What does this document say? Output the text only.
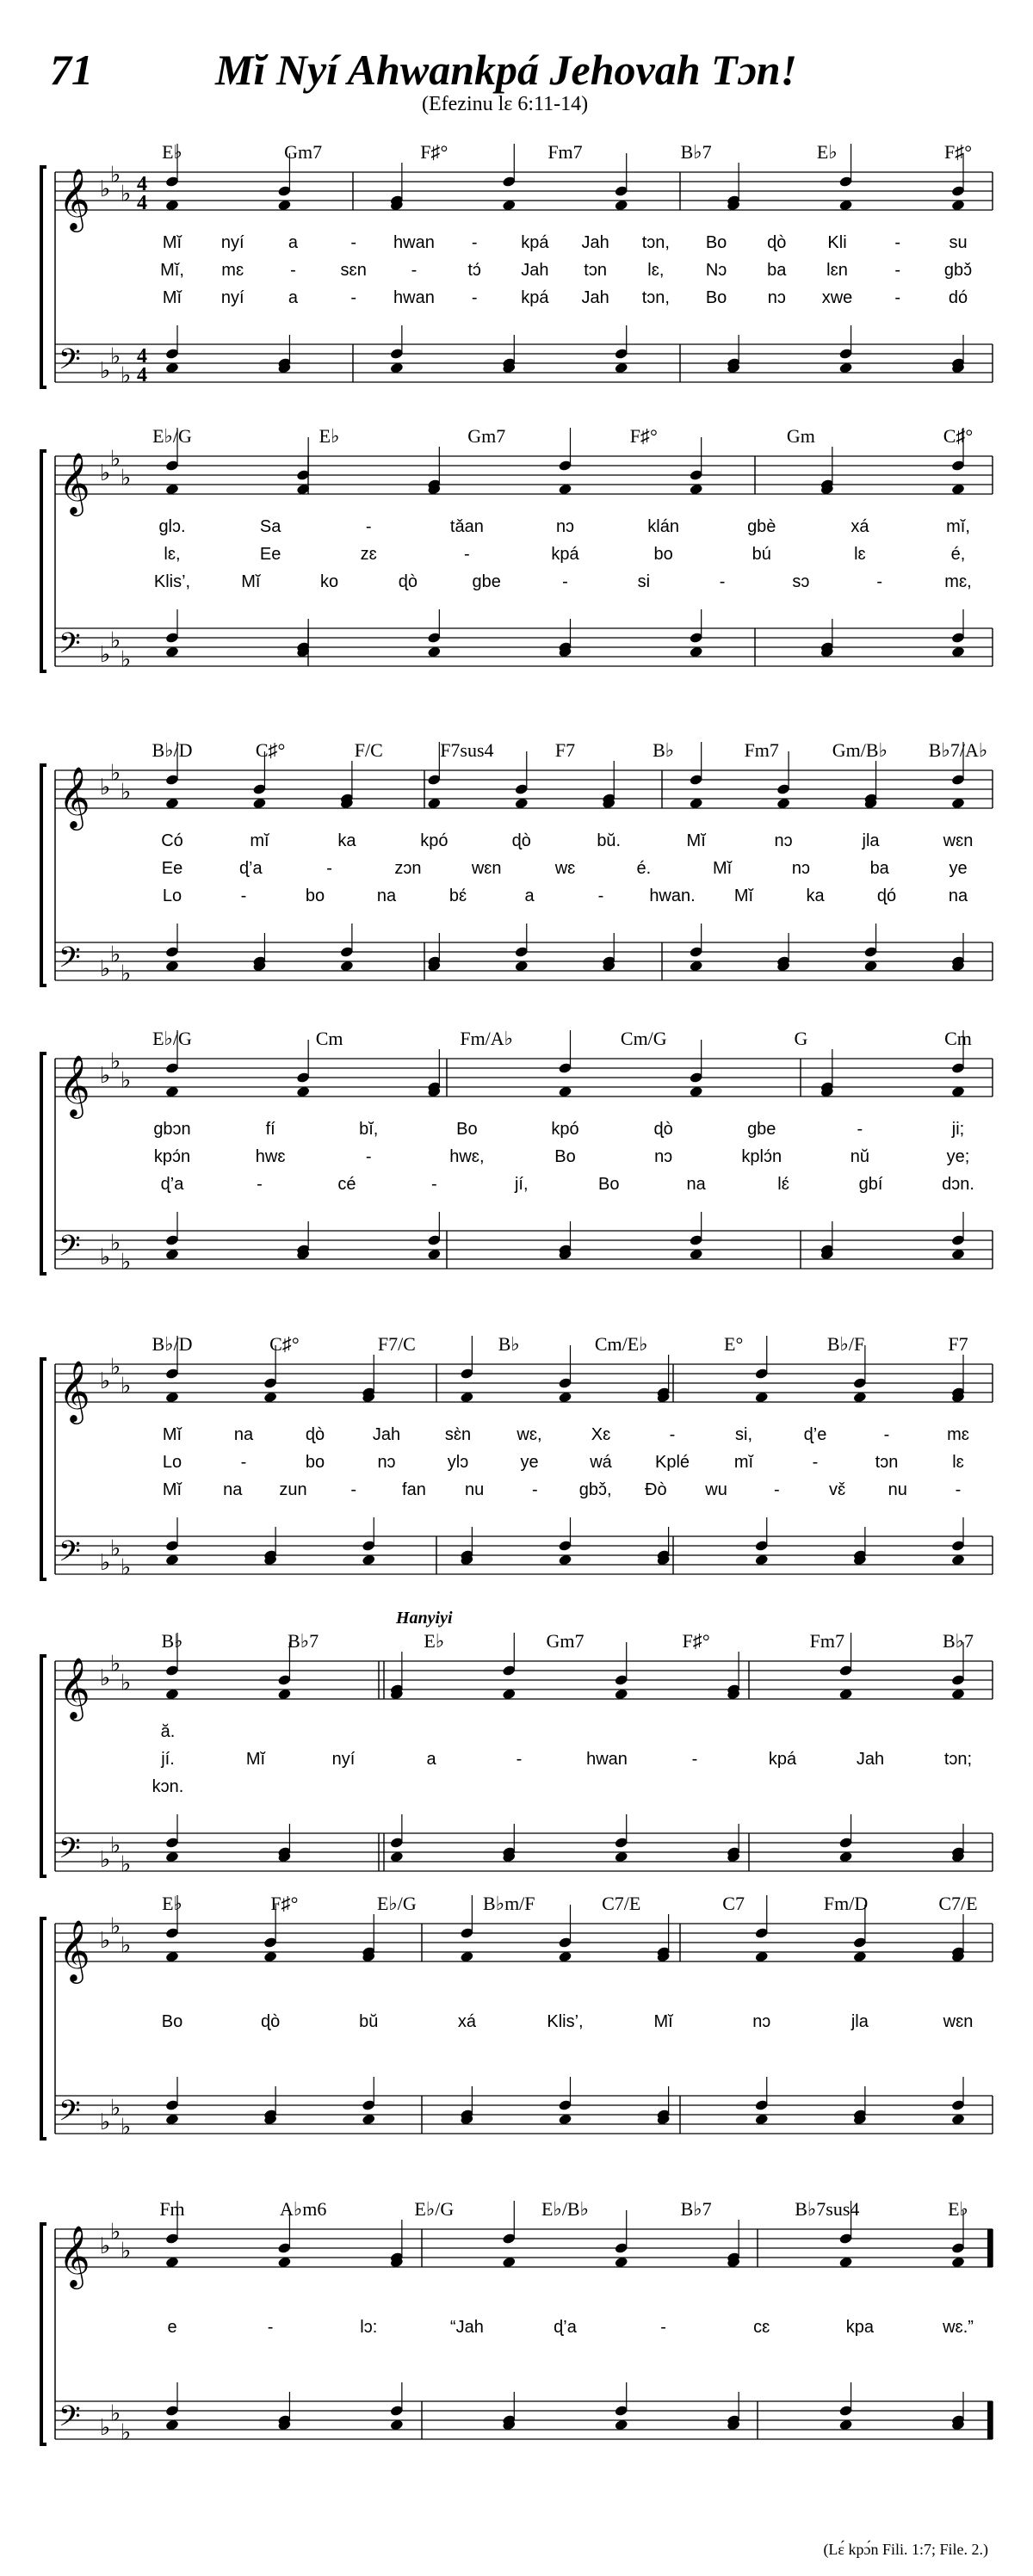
71	Mĭ Nyí Ahwankpá Jehovah Tɔn!
(Efezinu lɛ 6:11-14)
E♭	Gm7	F♯°	Fm7	B♭7	E♭	F♯°
𝄞 ♭
♭
♭ 4
4
𝄢 ♭
♭
♭
4
4
Mĭ nyí	a	- hwan -	kpá Jah tɔn, Bo ɖò Kli	-	su
Mĭ, mɛ	-	sɛn	-	tɔ́ Jah tɔn lɛ, Nɔ ba lɛn	-	gbɔ̌
Mĭ nyí	a	- hwan -	kpá Jah tɔn, Bo nɔ xwe -	dó
E♭/G	E♭	Gm7	F♯°	Gm	C♯°
𝄞 ♭
♭
♭
𝄢 ♭
♭
♭
glɔ.	Sa	-	tǎan	nɔ	klán	gbè	xá	mĭ,
lɛ,	Ee	zɛ	-	kpá	bo	bú	lɛ	é,
Klis’,	Mĭ	ko	ɖò	gbe	-	si	-	sɔ	-	mɛ,
B♭/D	C♯°	F/C	F7sus4	F7	B♭	Fm7	Gm/B♭ B♭7/A♭
𝄞 ♭
♭
♭
𝄢 ♭
♭
♭
Có	mĭ	ka	kpó	ɖò	bŭ.	Mĭ	nɔ	jla	wɛn
Ee	ɖ’a	-	zɔn	wɛn	wɛ	é.	Mĭ	nɔ	ba	ye
Lo	-	bo	na	bɛ́	a	-	hwan. Mĭ	ka	ɖó	na
E♭/G	Cm	Fm/A♭	Cm/G	G	Cm
𝄞 ♭
♭
♭
𝄢 ♭
♭
♭
gbɔn	fí	bĭ,	Bo	kpó	ɖò	gbe	-	ji;
kpɔ́n	hwɛ	-	hwɛ,	Bo	nɔ	kplɔ́n	nŭ	ye;
ɖ’a	-	cé	-	jí,	Bo	na	lɛ́	gbí	dɔn.
B♭/D	C♯°	F7/C	B♭	Cm/E♭	E°	B♭/F	F7
𝄞 ♭
♭
♭
𝄢 ♭
♭
♭
Mĭ	na	ɖò	Jah	sɛ̀n	wɛ,	Xɛ	-	si,	ɖ’e	-	mɛ
Lo	-	bo	nɔ	ylɔ	ye	wá	Kplé	mĭ	-	tɔn	lɛ
Mĭ na zun	-	fan nu	- gbɔ̌, Ðò wu	-	vɛ̌ nu	-
B♭	B♭7	E♭	Gm7	F♯°	Fm7	B♭7
Hanyiyi
𝄞 ♭
♭
♭
𝄢 ♭
♭
♭
ă.
jí.	Mĭ	nyí	a	-	hwan	-	kpá	Jah	tɔn;
kɔn.
E♭	F♯°	E♭/G	B♭m/F	C7/E	C7	Fm/D	C7/E
𝄞 ♭
♭
♭
𝄢 ♭
♭
♭
Bo	ɖò	bŭ	xá	Klis’,	Mĭ	nɔ	jla	wɛn
Fm	A♭m6	E♭/G	E♭/B♭	B♭7	B♭7sus4	E♭
𝄞 ♭
♭
♭
𝄢 ♭
♭
♭
e	-	lɔ:	“Jah	ɖ’a	-	cɛ	kpa	wɛ.”
(Lɛ́ kpɔ́n Fili. 1:7; File. 2.)
